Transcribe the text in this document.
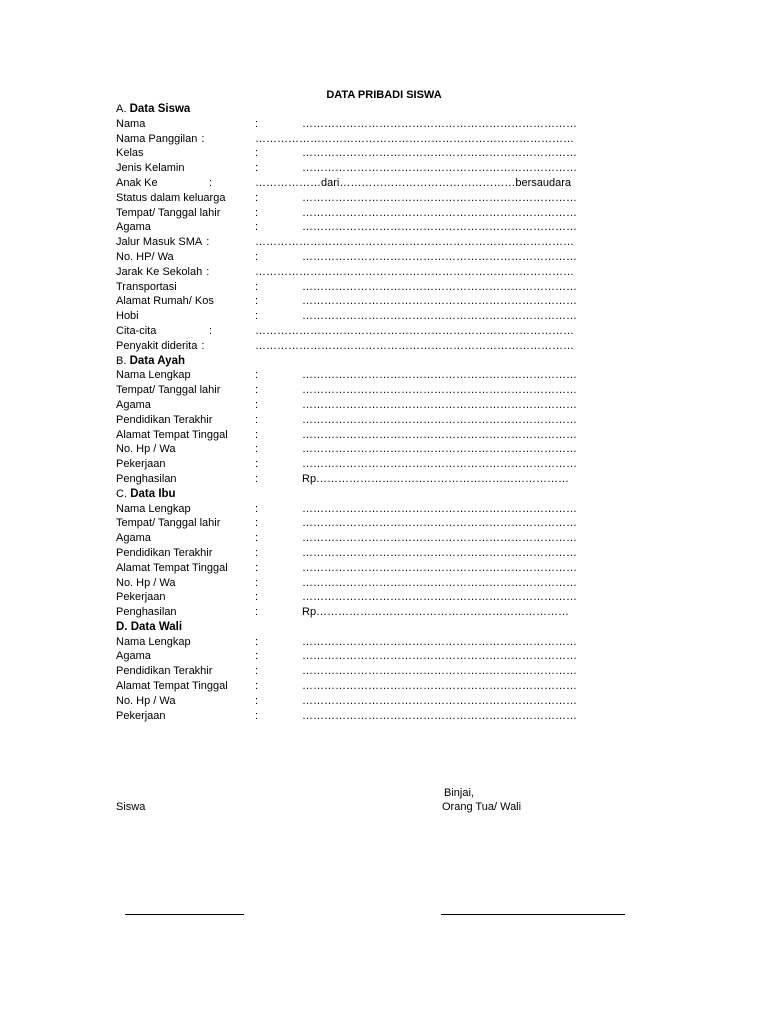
DATA PRIBADI SISWA
A. Data Siswa
Nama	:	…………………………………………………………………
Nama Panggilan :	……………………………………………………………………………
Kelas	:	…………………………………………………………………
Jenis Kelamin	:	…………………………………………………………………
Anak Ke	:	………………dari…………………………………………bersaudara
Status dalam keluarga	:	…………………………………………………………………
Tempat/ Tanggal lahir	:	…………………………………………………………………
Agama	:	…………………………………………………………………
Jalur Masuk SMA :	……………………………………………………………………………
No. HP/ Wa	:	…………………………………………………………………
Jarak Ke Sekolah :	……………………………………………………………………………
Transportasi	:	…………………………………………………………………
Alamat Rumah/ Kos	:	…………………………………………………………………
Hobi	:	…………………………………………………………………
Cita-cita	:	……………………………………………………………………………
Penyakit diderita :	……………………………………………………………………………
B. Data Ayah
Nama Lengkap	:	…………………………………………………………………
Tempat/ Tanggal lahir	:	…………………………………………………………………
Agama	:	…………………………………………………………………
Pendidikan Terakhir	:	…………………………………………………………………
Alamat Tempat Tinggal :	…………………………………………………………………
No. Hp / Wa	:	…………………………………………………………………
Pekerjaan	:	…………………………………………………………………
Penghasilan	:	Rp……………………………………………………………
C. Data Ibu
Nama Lengkap	:	…………………………………………………………………
Tempat/ Tanggal lahir	:	…………………………………………………………………
Agama	:	…………………………………………………………………
Pendidikan Terakhir	:	…………………………………………………………………
Alamat Tempat Tinggal :	…………………………………………………………………
No. Hp / Wa	:	…………………………………………………………………
Pekerjaan	:	…………………………………………………………………
Penghasilan	:	Rp……………………………………………………………
D. Data Wali
Nama Lengkap	:	…………………………………………………………………
Agama	:	…………………………………………………………………
Pendidikan Terakhir	:	…………………………………………………………………
Alamat Tempat Tinggal :	…………………………………………………………………
No. Hp / Wa	:	…………………………………………………………………
Pekerjaan	:	…………………………………………………………………
Binjai,
Siswa	Orang Tua/ Wali
